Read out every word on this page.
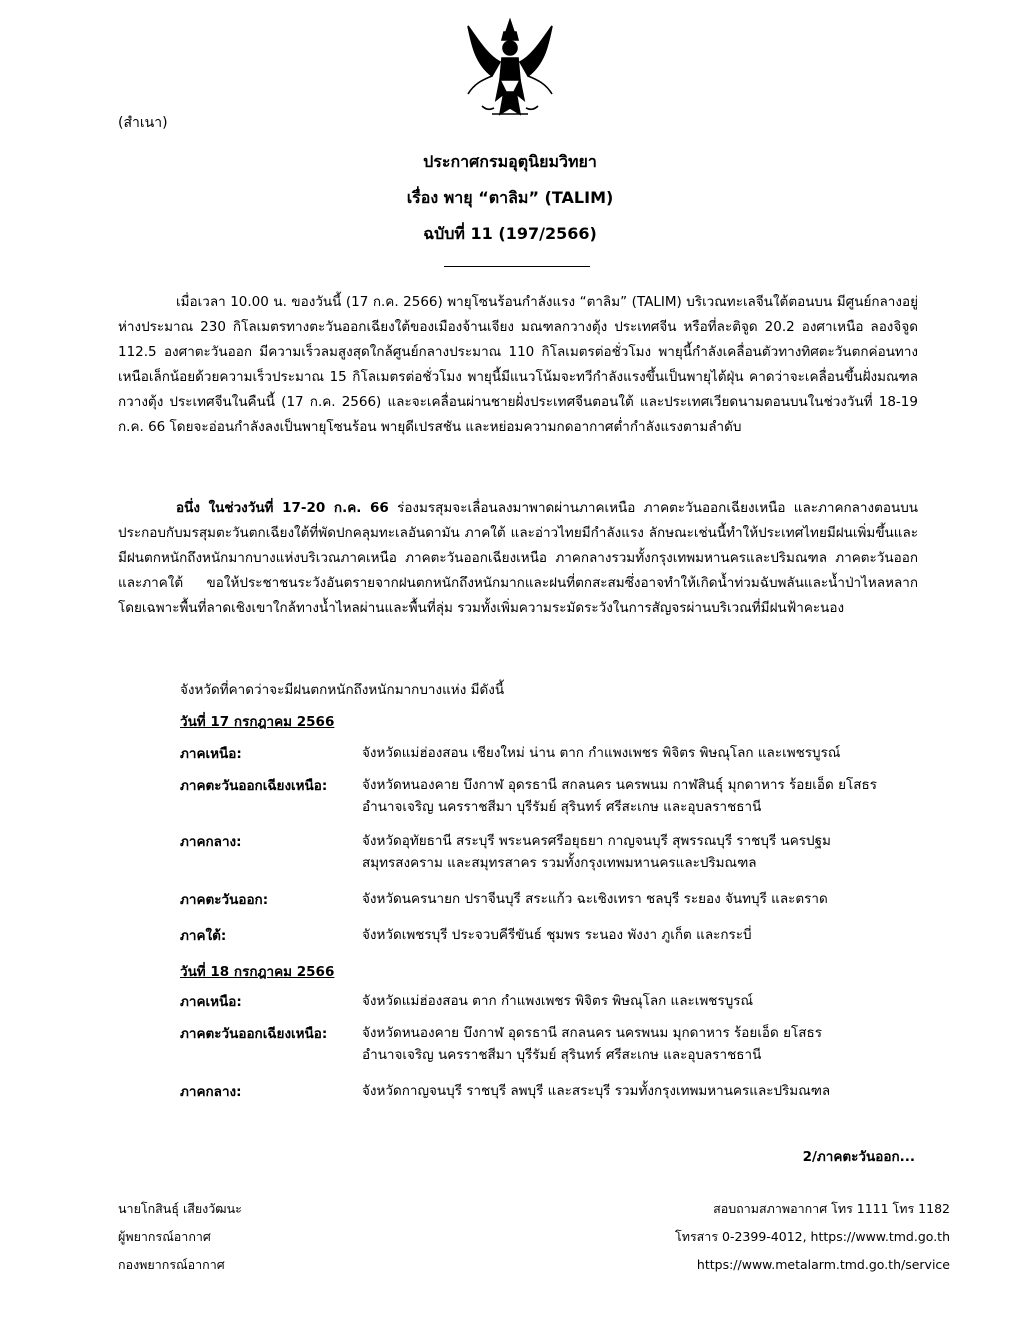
(สำเนา)
ประกาศกรมอุตุนิยมวิทยา
เรื่อง พายุ “ตาลิม” (TALIM)
ฉบับที่ 11 (197/2566)

เมื่อเวลา 10.00 น. ของวันนี้ (17 ก.ค. 2566) พายุโซนร้อนกำลังแรง “ตาลิม” (TALIM) บริเวณทะเลจีนใต้ตอนบน มีศูนย์กลางอยู่ห่างประมาณ 230 กิโลเมตรทางตะวันออกเฉียงใต้ของเมืองจ้านเจียง มณฑลกวางตุ้ง ประเทศจีน หรือที่ละติจูด 20.2 องศาเหนือ ลองจิจูด 112.5 องศาตะวันออก มีความเร็วลมสูงสุดใกล้ศูนย์กลางประมาณ 110 กิโลเมตรต่อชั่วโมง พายุนี้กำลังเคลื่อนตัวทางทิศตะวันตกค่อนทางเหนือเล็กน้อยด้วยความเร็วประมาณ 15 กิโลเมตรต่อชั่วโมง พายุนี้มีแนวโน้มจะทวีกำลังแรงขึ้นเป็นพายุไต้ฝุ่น คาดว่าจะเคลื่อนขึ้นฝั่งมณฑลกวางตุ้ง ประเทศจีนในคืนนี้ (17 ก.ค. 2566) และจะเคลื่อนผ่านชายฝั่งประเทศจีนตอนใต้ และประเทศเวียดนามตอนบนในช่วงวันที่ 18-19 ก.ค. 66 โดยจะอ่อนกำลังลงเป็นพายุโซนร้อน พายุดีเปรสชัน และหย่อมความกดอากาศต่ำกำลังแรงตามลำดับ

อนึ่ง ในช่วงวันที่ 17-20 ก.ค. 66 ร่องมรสุมจะเลื่อนลงมาพาดผ่านภาคเหนือ ภาคตะวันออกเฉียงเหนือ และภาคกลางตอนบน ประกอบกับมรสุมตะวันตกเฉียงใต้ที่พัดปกคลุมทะเลอันดามัน ภาคใต้ และอ่าวไทยมีกำลังแรง ลักษณะเช่นนี้ทำให้ประเทศไทยมีฝนเพิ่มขึ้นและมีฝนตกหนักถึงหนักมากบางแห่งบริเวณภาคเหนือ ภาคตะวันออกเฉียงเหนือ ภาคกลางรวมทั้งกรุงเทพมหานครและปริมณฑล ภาคตะวันออก และภาคใต้ ขอให้ประชาชนระวังอันตรายจากฝนตกหนักถึงหนักมากและฝนที่ตกสะสมซึ่งอาจทำให้เกิดน้ำท่วมฉับพลันและน้ำป่าไหลหลาก โดยเฉพาะพื้นที่ลาดเชิงเขาใกล้ทางน้ำไหลผ่านและพื้นที่ลุ่ม รวมทั้งเพิ่มความระมัดระวังในการสัญจรผ่านบริเวณที่มีฝนฟ้าคะนอง

จังหวัดที่คาดว่าจะมีฝนตกหนักถึงหนักมากบางแห่ง มีดังนี้
วันที่ 17 กรกฎาคม 2566
ภาคเหนือ:	จังหวัดแม่ฮ่องสอน เชียงใหม่ น่าน ตาก กำแพงเพชร พิจิตร พิษณุโลก และเพชรบูรณ์
ภาคตะวันออกเฉียงเหนือ:	จังหวัดหนองคาย บึงกาฬ อุดรธานี สกลนคร นครพนม กาฬสินธุ์ มุกดาหาร ร้อยเอ็ด ยโสธร
อำนาจเจริญ นครราชสีมา บุรีรัมย์ สุรินทร์ ศรีสะเกษ และอุบลราชธานี
ภาคกลาง:	จังหวัดอุทัยธานี สระบุรี พระนครศรีอยุธยา กาญจนบุรี สุพรรณบุรี ราชบุรี นครปฐม
สมุทรสงคราม และสมุทรสาคร รวมทั้งกรุงเทพมหานครและปริมณฑล
ภาคตะวันออก:	จังหวัดนครนายก ปราจีนบุรี สระแก้ว ฉะเชิงเทรา ชลบุรี ระยอง จันทบุรี และตราด
ภาคใต้:	จังหวัดเพชรบุรี ประจวบคีรีขันธ์ ชุมพร ระนอง พังงา ภูเก็ต และกระบี่
วันที่ 18 กรกฎาคม 2566
ภาคเหนือ:	จังหวัดแม่ฮ่องสอน ตาก กำแพงเพชร พิจิตร พิษณุโลก และเพชรบูรณ์
ภาคตะวันออกเฉียงเหนือ:	จังหวัดหนองคาย บึงกาฬ อุดรธานี สกลนคร นครพนม มุกดาหาร ร้อยเอ็ด ยโสธร
อำนาจเจริญ นครราชสีมา บุรีรัมย์ สุรินทร์ ศรีสะเกษ และอุบลราชธานี
ภาคกลาง:	จังหวัดกาญจนบุรี ราชบุรี ลพบุรี และสระบุรี รวมทั้งกรุงเทพมหานครและปริมณฑล
2/ภาคตะวันออก...
นายโกสินธุ์ เสียงวัฒนะ
ผู้พยากรณ์อากาศ
กองพยากรณ์อากาศ
สอบถามสภาพอากาศ โทร 1111 โทร 1182
โทรสาร 0-2399-4012, https://www.tmd.go.th
https://www.metalarm.tmd.go.th/service
